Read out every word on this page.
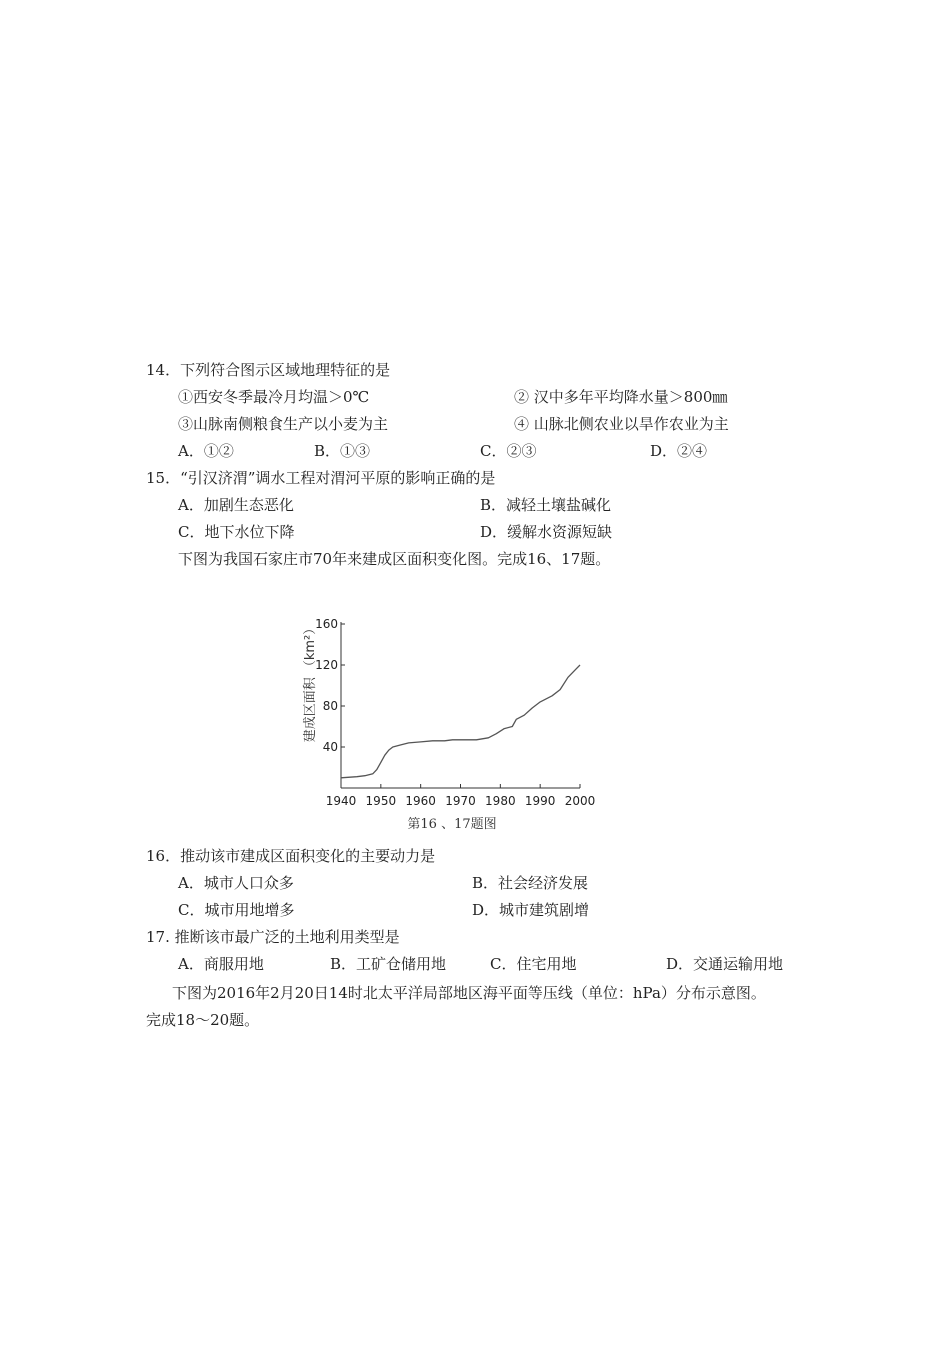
14．下列符合图示区域地理特征的是
①西安冬季最冷月均温＞0℃	② 汉中多年平均降水量＞800㎜
③山脉南侧粮食生产以小麦为主	④ 山脉北侧农业以旱作农业为主
A．①②	B．①③	C．②③	D．②④
15．“引汉济渭”调水工程对渭河平原的影响正确的是
A．加剧生态恶化	B．减轻土壤盐碱化
C．地下水位下降	D．缓解水资源短缺
下图为我国石家庄市70年来建成区面积变化图。完成16、17题。
1940 1950 1960 1970 1980 1990 2000
40
80
120
160
建成区面积 （km²）
第16 、17题图
16．推动该市建成区面积变化的主要动力是
A．城市人口众多	B．社会经济发展
C．城市用地增多	D．城市建筑剧增
17. 推断该市最广泛的土地利用类型是
A．商服用地	B．工矿仓储用地	C．住宅用地	D．交通运输用地
下图为2016年2月20日14时北太平洋局部地区海平面等压线（单位：hPa）分布示意图。
完成18～20题。
